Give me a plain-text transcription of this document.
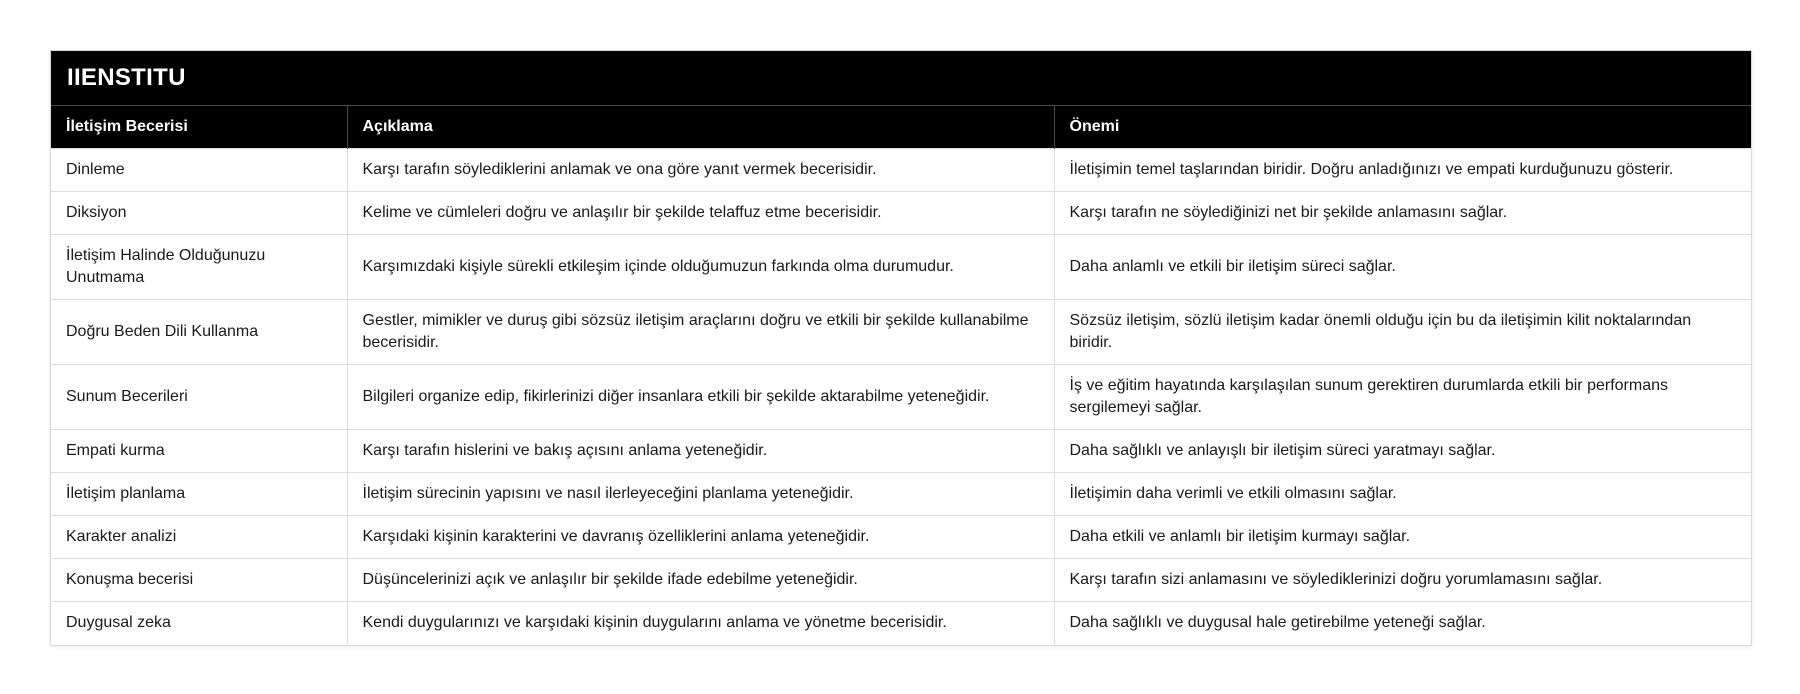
IIENSTITU
İletişim Becerisi	Açıklama	Önemi
Dinleme	Karşı tarafın söylediklerini anlamak ve ona göre yanıt vermek becerisidir.	İletişimin temel taşlarından biridir. Doğru anladığınızı ve empati kurduğunuzu gösterir.
Diksiyon	Kelime ve cümleleri doğru ve anlaşılır bir şekilde telaffuz etme becerisidir.	Karşı tarafın ne söylediğinizi net bir şekilde anlamasını sağlar.
İletişim Halinde Olduğunuzu Unutmama	Karşımızdaki kişiyle sürekli etkileşim içinde olduğumuzun farkında olma durumudur.	Daha anlamlı ve etkili bir iletişim süreci sağlar.
Doğru Beden Dili Kullanma	Gestler, mimikler ve duruş gibi sözsüz iletişim araçlarını doğru ve etkili bir şekilde kullanabilme becerisidir.	Sözsüz iletişim, sözlü iletişim kadar önemli olduğu için bu da iletişimin kilit noktalarından biridir.
Sunum Becerileri	Bilgileri organize edip, fikirlerinizi diğer insanlara etkili bir şekilde aktarabilme yeteneğidir.	İş ve eğitim hayatında karşılaşılan sunum gerektiren durumlarda etkili bir performans sergilemeyi sağlar.
Empati kurma	Karşı tarafın hislerini ve bakış açısını anlama yeteneğidir.	Daha sağlıklı ve anlayışlı bir iletişim süreci yaratmayı sağlar.
İletişim planlama	İletişim sürecinin yapısını ve nasıl ilerleyeceğini planlama yeteneğidir.	İletişimin daha verimli ve etkili olmasını sağlar.
Karakter analizi	Karşıdaki kişinin karakterini ve davranış özelliklerini anlama yeteneğidir.	Daha etkili ve anlamlı bir iletişim kurmayı sağlar.
Konuşma becerisi	Düşüncelerinizi açık ve anlaşılır bir şekilde ifade edebilme yeteneğidir.	Karşı tarafın sizi anlamasını ve söylediklerinizi doğru yorumlamasını sağlar.
Duygusal zeka	Kendi duygularınızı ve karşıdaki kişinin duygularını anlama ve yönetme becerisidir.	Daha sağlıklı ve duygusal hale getirebilme yeteneği sağlar.
